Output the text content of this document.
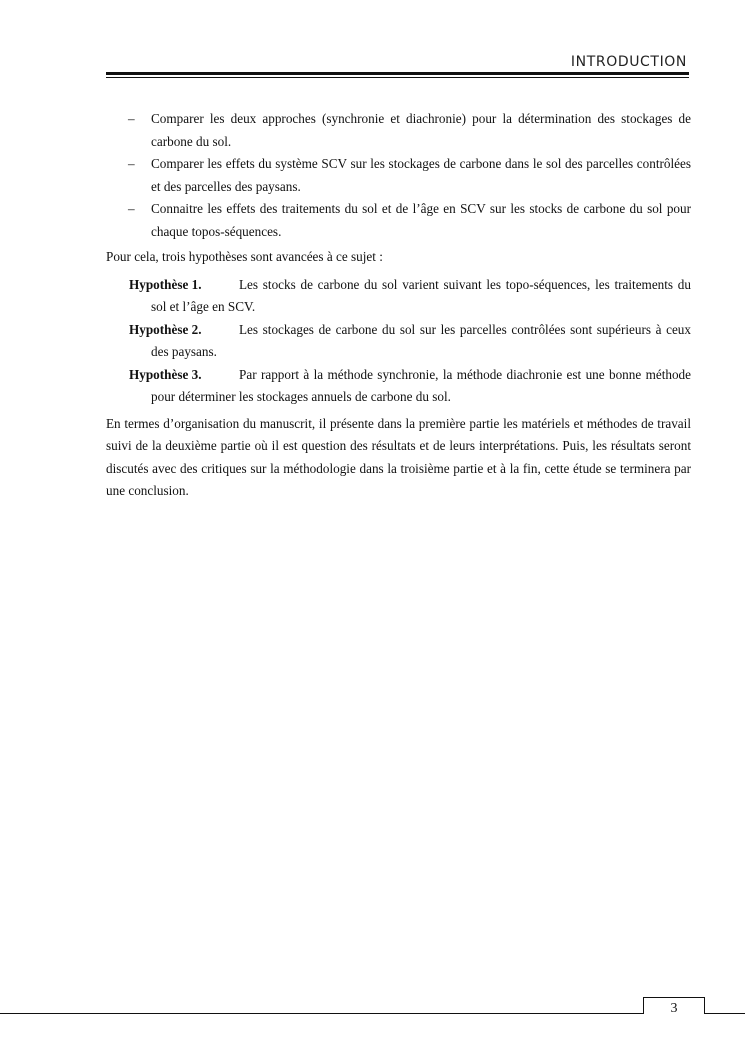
INTRODUCTION
– Comparer les deux approches (synchronie et diachronie) pour la détermination des stockages de carbone du sol.
– Comparer les effets du système SCV sur les stockages de carbone dans le sol des parcelles contrôlées et des parcelles des paysans.
– Connaitre les effets des traitements du sol et de l’âge en SCV sur les stocks de carbone du sol pour chaque topos-séquences.

Pour cela, trois hypothèses sont avancées à ce sujet :

Hypothèse 1.	Les stocks de carbone du sol varient suivant les topo-séquences, les traitements du sol et l’âge en SCV.

Hypothèse 2.	Les stockages de carbone du sol sur les parcelles contrôlées sont supérieurs à ceux des paysans.

Hypothèse 3.	Par rapport à la méthode synchronie, la méthode diachronie est une bonne méthode pour déterminer les stockages annuels de carbone du sol.

En termes d’organisation du manuscrit, il présente dans la première partie les matériels et méthodes de travail suivi de la deuxième partie où il est question des résultats et de leurs interprétations. Puis, les résultats seront discutés avec des critiques sur la méthodologie dans la troisième partie et à la fin, cette étude se terminera par une conclusion.

3
